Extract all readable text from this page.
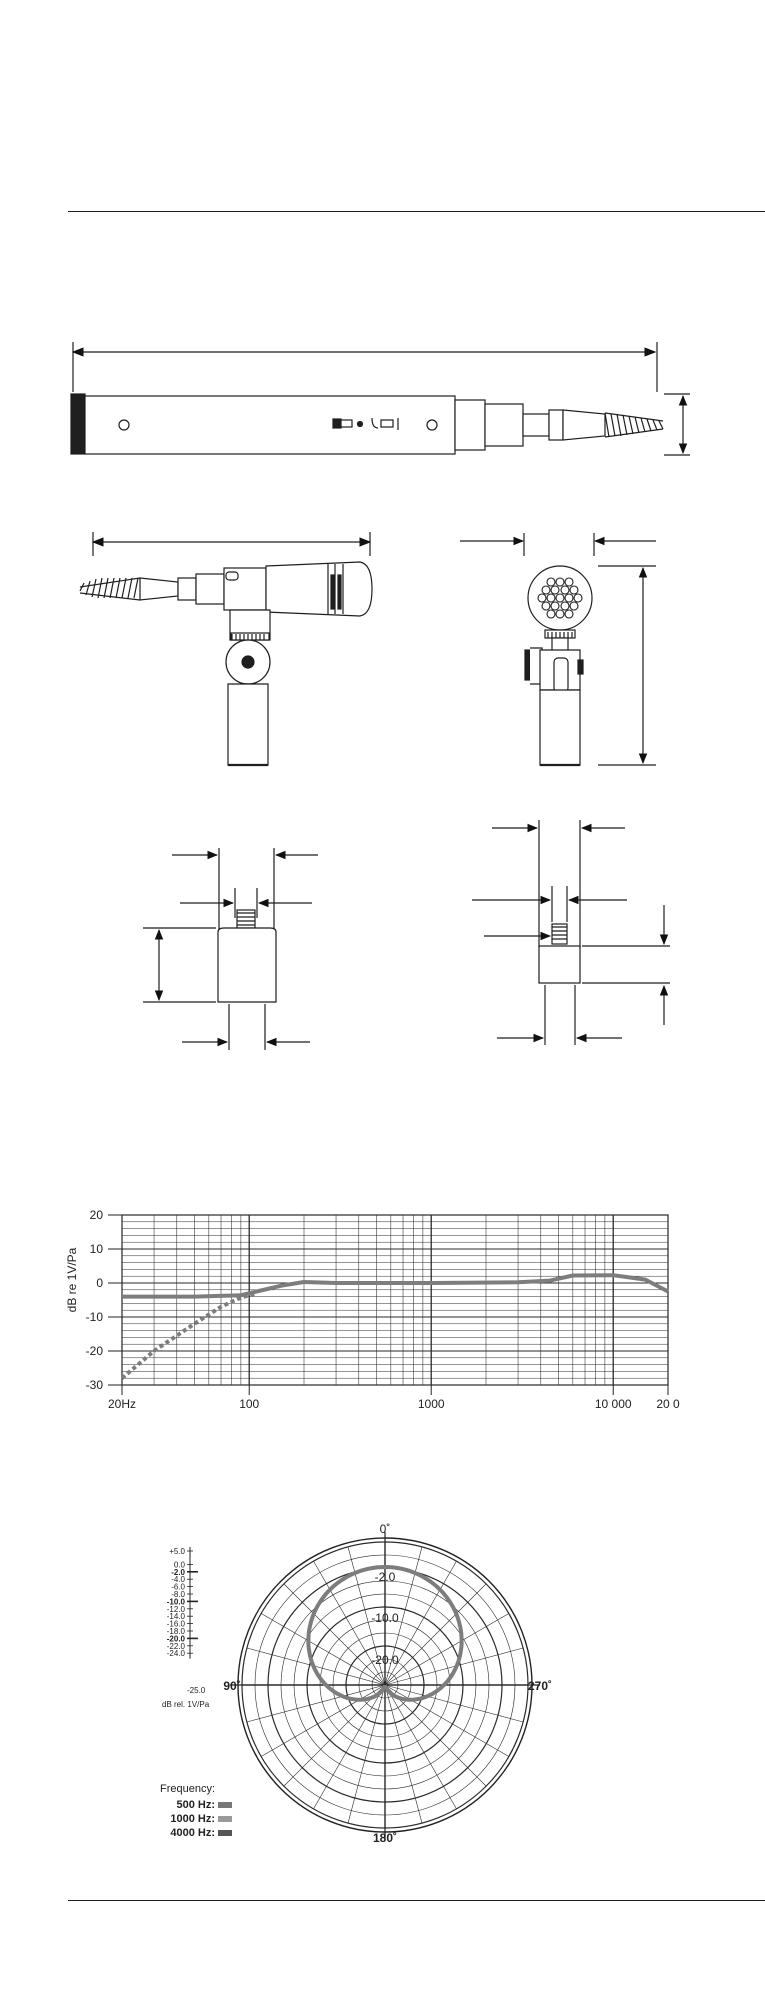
20
10
0
-10
-20
-30
20Hz	100	1000	10 000 20 0
dB re 1V/Pa
0˚
90˚	270˚
180˚
-2.0
-10.0
-20.0
+5.0
0.0
-2.0
-4.0
-6.0
-8.0
-10.0
-12.0
-14.0
-16.0
-18.0
-20.0
-22.0
-24.0
-25.0
dB rel. 1V/Pa
Frequency:
500 Hz:
1000 Hz:
4000 Hz:
